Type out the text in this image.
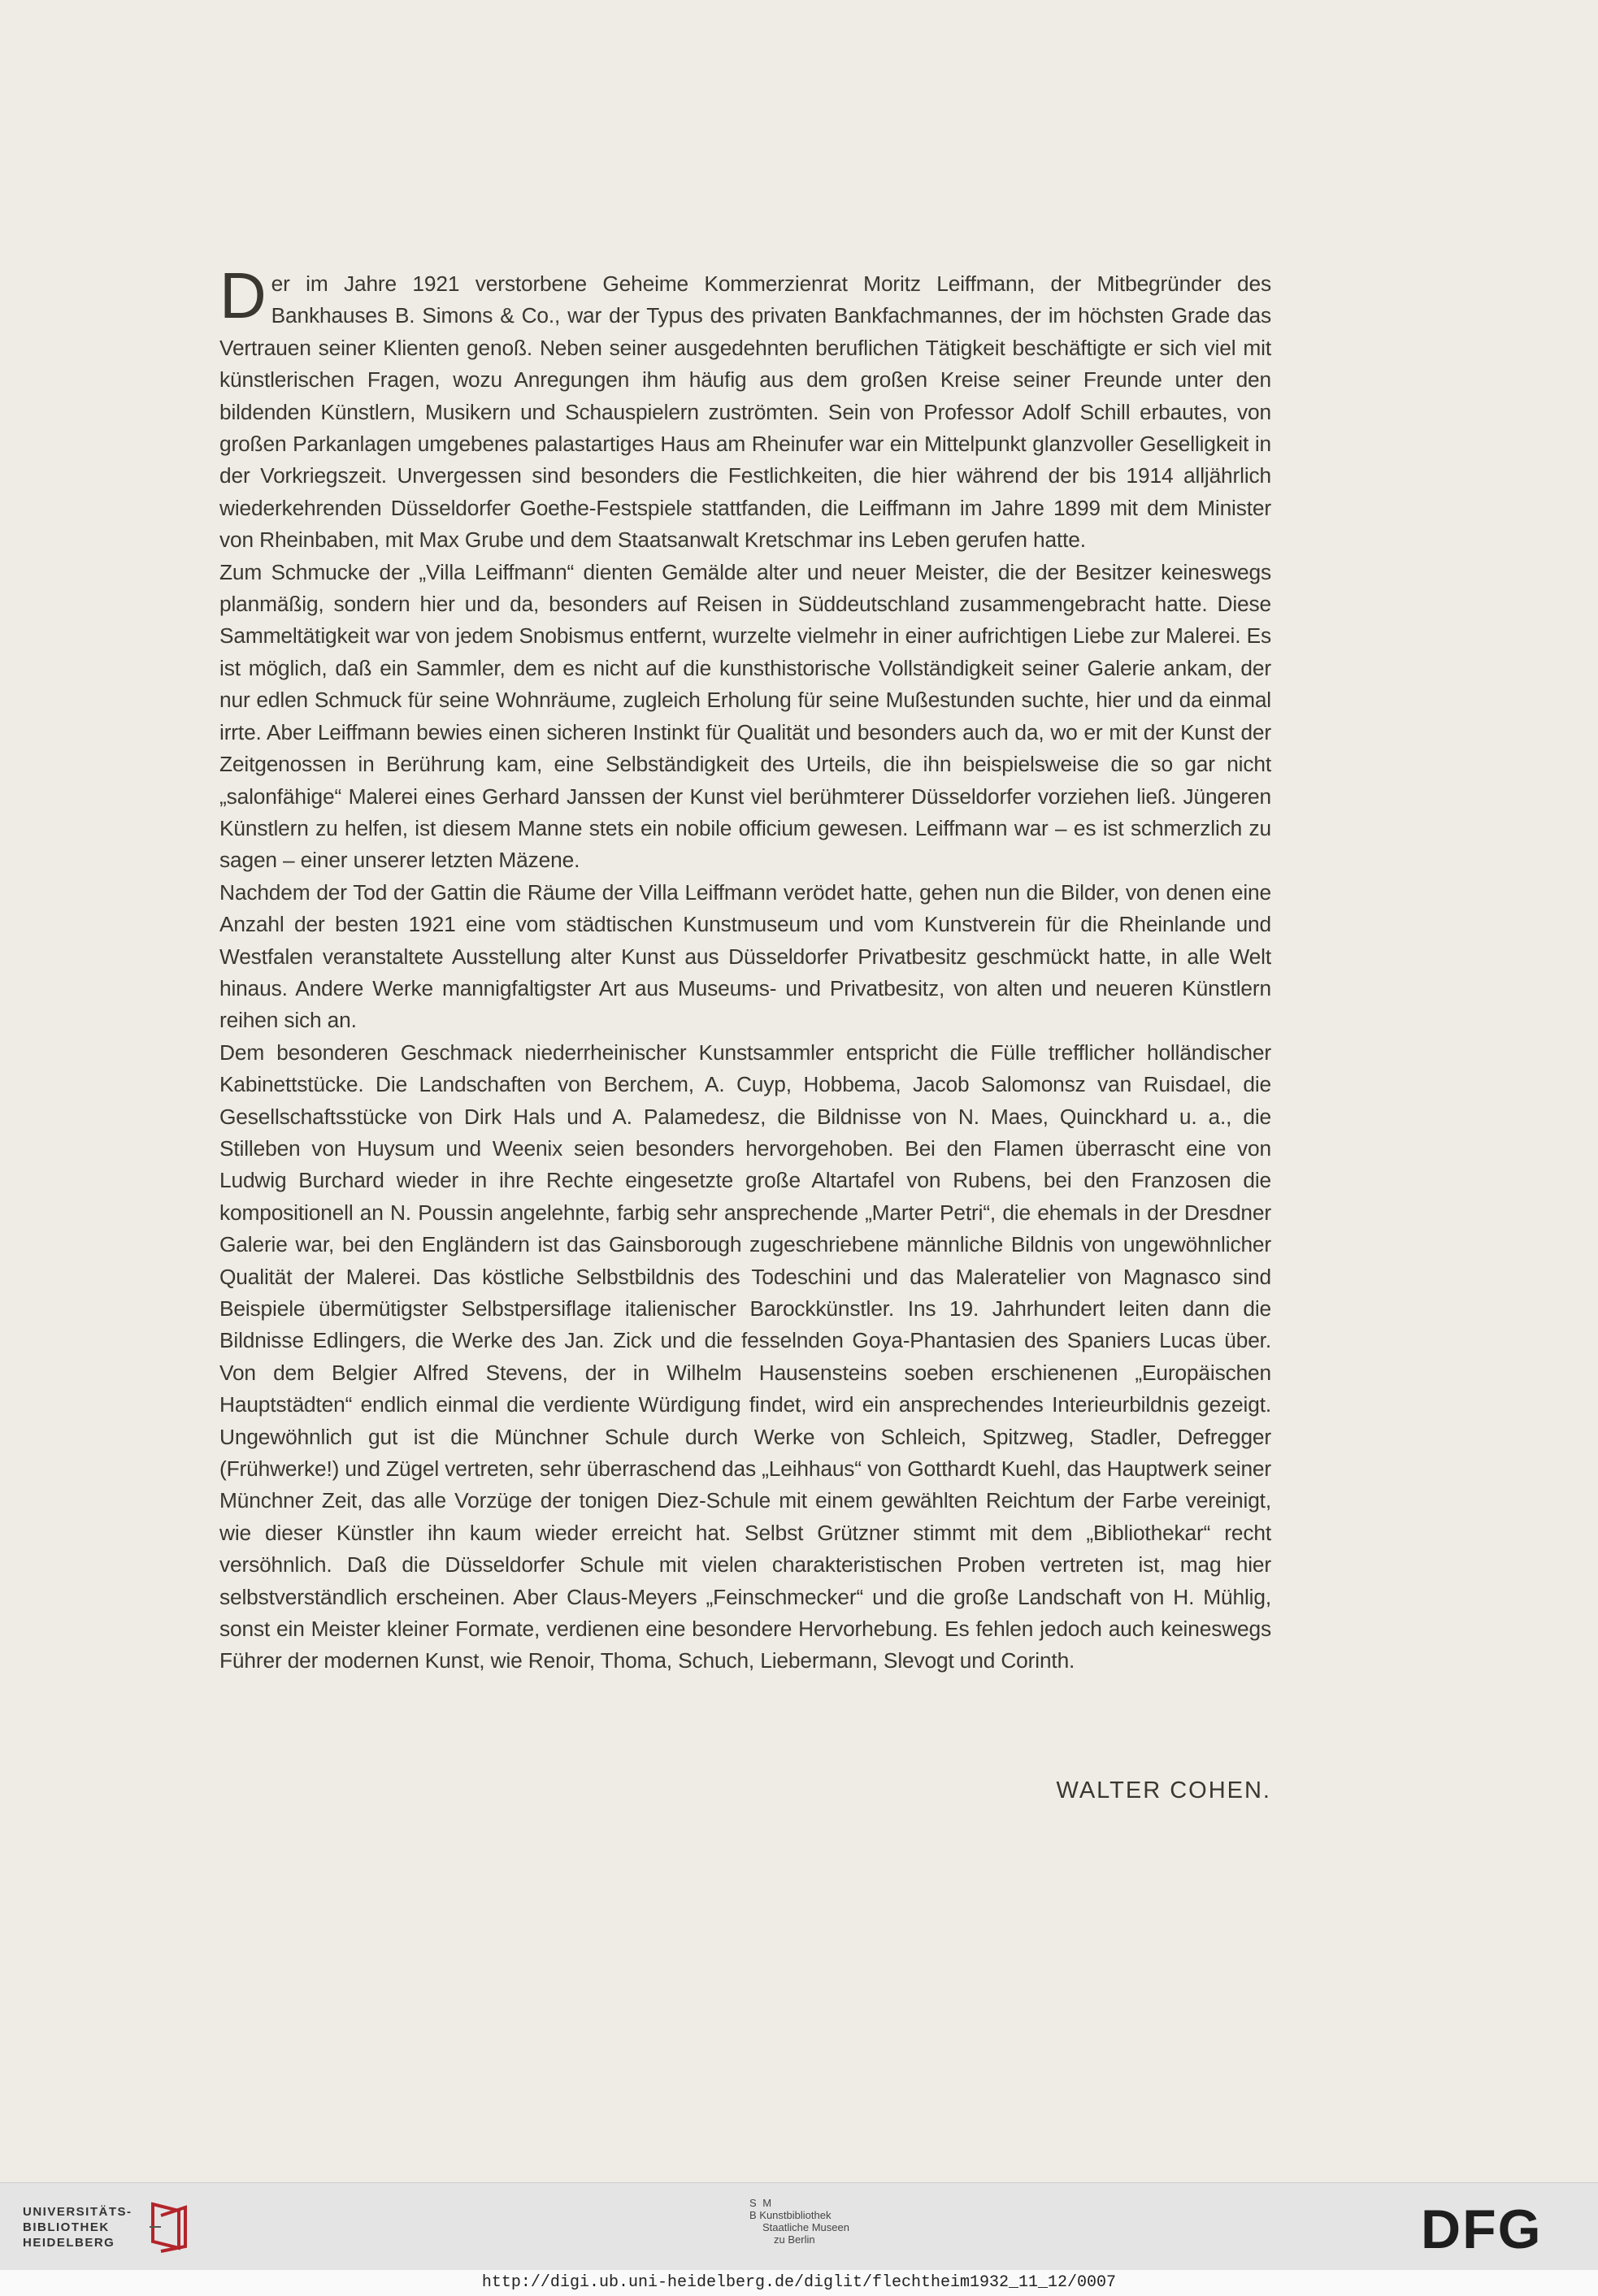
Der im Jahre 1921 verstorbene Geheime Kommerzienrat Moritz Leiffmann, der Mitbegründer des Bankhauses B. Simons & Co., war der Typus des privaten Bankfachmannes, der im höchsten Grade das Vertrauen seiner Klienten genoß. Neben seiner ausgedehnten beruflichen Tätigkeit beschäftigte er sich viel mit künstlerischen Fragen, wozu Anregungen ihm häufig aus dem großen Kreise seiner Freunde unter den bildenden Künstlern, Musikern und Schauspielern zuströmten. Sein von Professor Adolf Schill erbautes, von großen Parkanlagen umgebenes palastartiges Haus am Rheinufer war ein Mittelpunkt glanzvoller Geselligkeit in der Vorkriegszeit. Unvergessen sind besonders die Festlichkeiten, die hier während der bis 1914 alljährlich wiederkehrenden Düsseldorfer Goethe-Festspiele stattfanden, die Leiffmann im Jahre 1899 mit dem Minister von Rheinbaben, mit Max Grube und dem Staatsanwalt Kretschmar ins Leben gerufen hatte.

Zum Schmucke der „Villa Leiffmann“ dienten Gemälde alter und neuer Meister, die der Besitzer keineswegs planmäßig, sondern hier und da, besonders auf Reisen in Süddeutschland zusammengebracht hatte. Diese Sammeltätigkeit war von jedem Snobismus entfernt, wurzelte vielmehr in einer aufrichtigen Liebe zur Malerei. Es ist möglich, daß ein Sammler, dem es nicht auf die kunsthistorische Vollständigkeit seiner Galerie ankam, der nur edlen Schmuck für seine Wohnräume, zugleich Erholung für seine Mußestunden suchte, hier und da einmal irrte. Aber Leiffmann bewies einen sicheren Instinkt für Qualität und besonders auch da, wo er mit der Kunst der Zeitgenossen in Berührung kam, eine Selbständigkeit des Urteils, die ihn beispielsweise die so gar nicht „salonfähige“ Malerei eines Gerhard Janssen der Kunst viel berühmterer Düsseldorfer vorziehen ließ. Jüngeren Künstlern zu helfen, ist diesem Manne stets ein nobile officium gewesen. Leiffmann war – es ist schmerzlich zu sagen – einer unserer letzten Mäzene.

Nachdem der Tod der Gattin die Räume der Villa Leiffmann verödet hatte, gehen nun die Bilder, von denen eine Anzahl der besten 1921 eine vom städtischen Kunstmuseum und vom Kunstverein für die Rheinlande und Westfalen veranstaltete Ausstellung alter Kunst aus Düsseldorfer Privatbesitz geschmückt hatte, in alle Welt hinaus. Andere Werke mannigfaltigster Art aus Museums- und Privatbesitz, von alten und neueren Künstlern reihen sich an.

Dem besonderen Geschmack niederrheinischer Kunstsammler entspricht die Fülle trefflicher holländischer Kabinettstücke. Die Landschaften von Berchem, A. Cuyp, Hobbema, Jacob Salomonsz van Ruisdael, die Gesellschaftsstücke von Dirk Hals und A. Palamedesz, die Bildnisse von N. Maes, Quinckhard u. a., die Stilleben von Huysum und Weenix seien besonders hervorgehoben. Bei den Flamen überrascht eine von Ludwig Burchard wieder in ihre Rechte eingesetzte große Altartafel von Rubens, bei den Franzosen die kompositionell an N. Poussin angelehnte, farbig sehr ansprechende „Marter Petri“, die ehemals in der Dresdner Galerie war, bei den Engländern ist das Gainsborough zugeschriebene männliche Bildnis von ungewöhnlicher Qualität der Malerei. Das köstliche Selbstbildnis des Todeschini und das Maleratelier von Magnasco sind Beispiele übermütigster Selbstpersiflage italienischer Barockkünstler. Ins 19. Jahrhundert leiten dann die Bildnisse Edlingers, die Werke des Jan. Zick und die fesselnden Goya-Phantasien des Spaniers Lucas über. Von dem Belgier Alfred Stevens, der in Wilhelm Hausensteins soeben erschienenen „Europäischen Hauptstädten“ endlich einmal die verdiente Würdigung findet, wird ein ansprechendes Interieurbildnis gezeigt. Ungewöhnlich gut ist die Münchner Schule durch Werke von Schleich, Spitzweg, Stadler, Defregger (Frühwerke!) und Zügel vertreten, sehr überraschend das „Leihhaus“ von Gotthardt Kuehl, das Hauptwerk seiner Münchner Zeit, das alle Vorzüge der tonigen Diez-Schule mit einem gewählten Reichtum der Farbe vereinigt, wie dieser Künstler ihn kaum wieder erreicht hat. Selbst Grützner stimmt mit dem „Bibliothekar“ recht versöhnlich. Daß die Düsseldorfer Schule mit vielen charakteristischen Proben vertreten ist, mag hier selbstverständlich erscheinen. Aber Claus-Meyers „Feinschmecker“ und die große Landschaft von H. Mühlig, sonst ein Meister kleiner Formate, verdienen eine besondere Hervorhebung. Es fehlen jedoch auch keineswegs Führer der modernen Kunst, wie Renoir, Thoma, Schuch, Liebermann, Slevogt und Corinth.

WALTER COHEN.
UNIVERSITÄTS-
BIBLIOTHEK
HEIDELBERG
S M
B Kunstbibliothek
Staatliche Museen
zu Berlin	DFG
http://digi.ub.uni-heidelberg.de/diglit/flechtheim1932_11_12/0007
